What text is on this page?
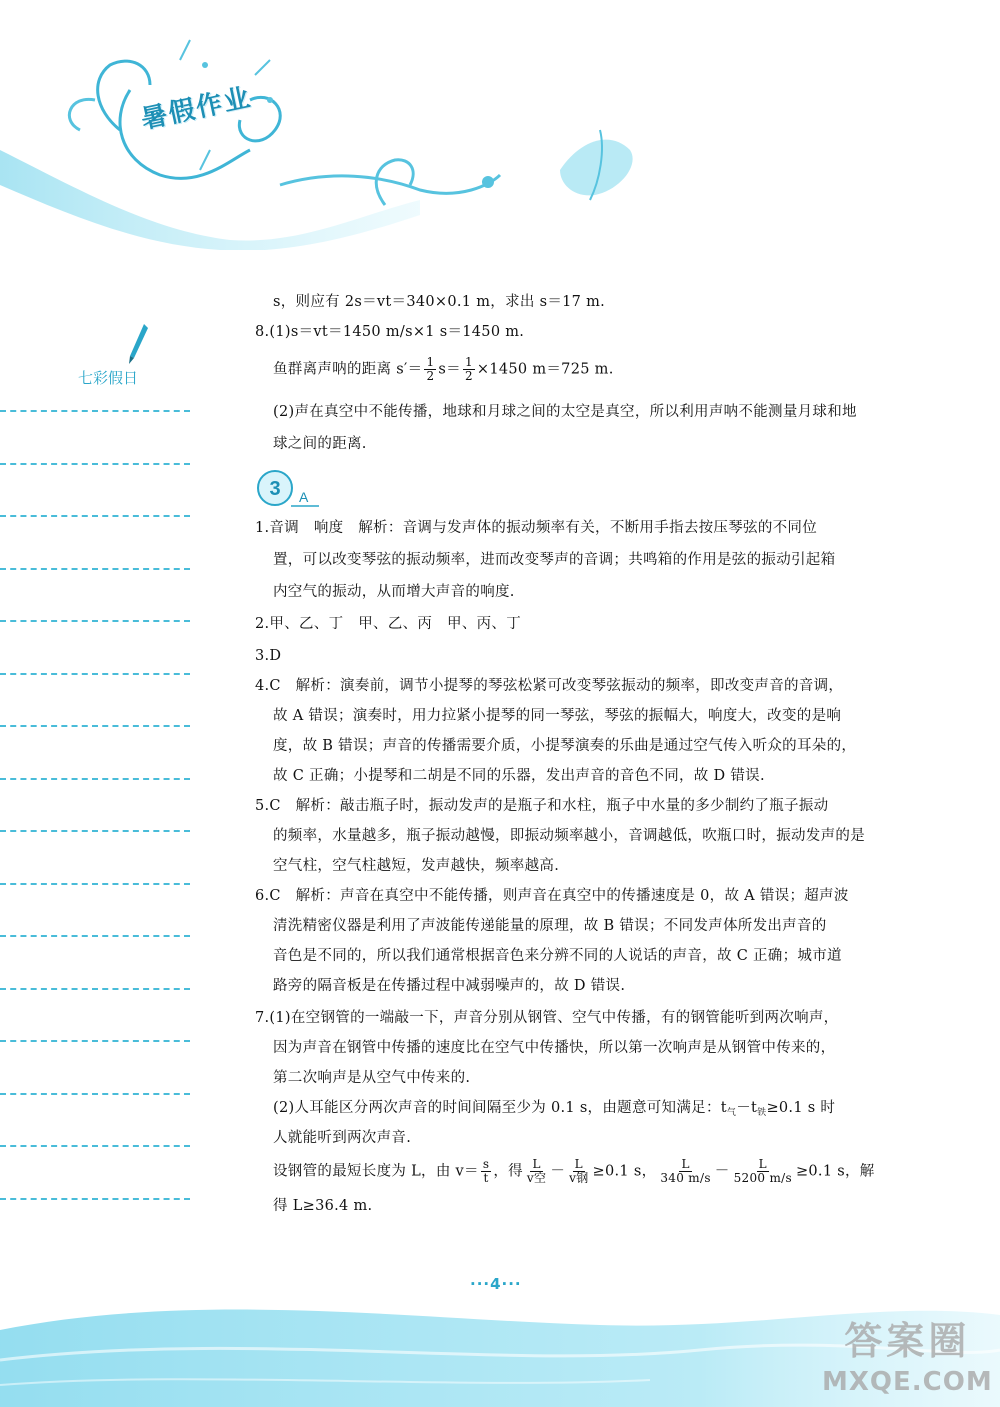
暑假作业
七彩假日
3 A
s，则应有 2s＝vt＝340×0.1 m，求出 s＝17 m.
8.(1)s＝vt＝1450 m/s×1 s＝1450 m.
鱼群离声呐的距离 $s'= \frac{1}{2} s= \frac{1}{2} \times 1450$ m＝725 m.
(2)声在真空中不能传播，地球和月球之间的太空是真空，所以利用声呐不能测量月球和地
球之间的距离.
1.音调　响度　解析：音调与发声体的振动频率有关，不断用手指去按压琴弦的不同位
置，可以改变琴弦的振动频率，进而改变琴声的音调；共鸣箱的作用是弦的振动引起箱
内空气的振动，从而增大声音的响度.
2.甲、乙、丁　甲、乙、丙　甲、丙、丁
3.D
4.C　解析：演奏前，调节小提琴的琴弦松紧可改变琴弦振动的频率，即改变声音的音调，
故 A 错误；演奏时，用力拉紧小提琴的同一琴弦，琴弦的振幅大，响度大，改变的是响
度，故 B 错误；声音的传播需要介质，小提琴演奏的乐曲是通过空气传入听众的耳朵的，
故 C 正确；小提琴和二胡是不同的乐器，发出声音的音色不同，故 D 错误.
5.C　解析：敲击瓶子时，振动发声的是瓶子和水柱，瓶子中水量的多少制约了瓶子振动
的频率，水量越多，瓶子振动越慢，即振动频率越小，音调越低，吹瓶口时，振动发声的是
空气柱，空气柱越短，发声越快，频率越高.
6.C　解析：声音在真空中不能传播，则声音在真空中的传播速度是 0，故 A 错误；超声波
清洗精密仪器是利用了声波能传递能量的原理，故 B 错误；不同发声体所发出声音的
音色是不同的，所以我们通常根据音色来分辨不同的人说话的声音，故 C 正确；城市道
路旁的隔音板是在传播过程中减弱噪声的，故 D 错误.
7.(1)在空钢管的一端敲一下，声音分别从钢管、空气中传播，有的钢管能听到两次响声，
因为声音在钢管中传播的速度比在空气中传播快，所以第一次响声是从钢管中传来的，
第二次响声是从空气中传来的.
(2)人耳能区分两次声音的时间间隔至少为 0.1 s，由题意可知满足：$t_气-t_铁\ge 0.1$ s 时
人就能听到两次声音.
设钢管的最短长度为 L，由 $v= \frac{s}{t}$ ，得 $\frac{L}{\text{v空}} - \frac{L}{\text{v钢}} \ge 0.1$ s， $\frac{L}{340 m/s} - \frac{L}{5200 m/s} \ge 0.1$ s，解
得 L≥36.4 m.
···4···
答案圈
MXQE.COM
